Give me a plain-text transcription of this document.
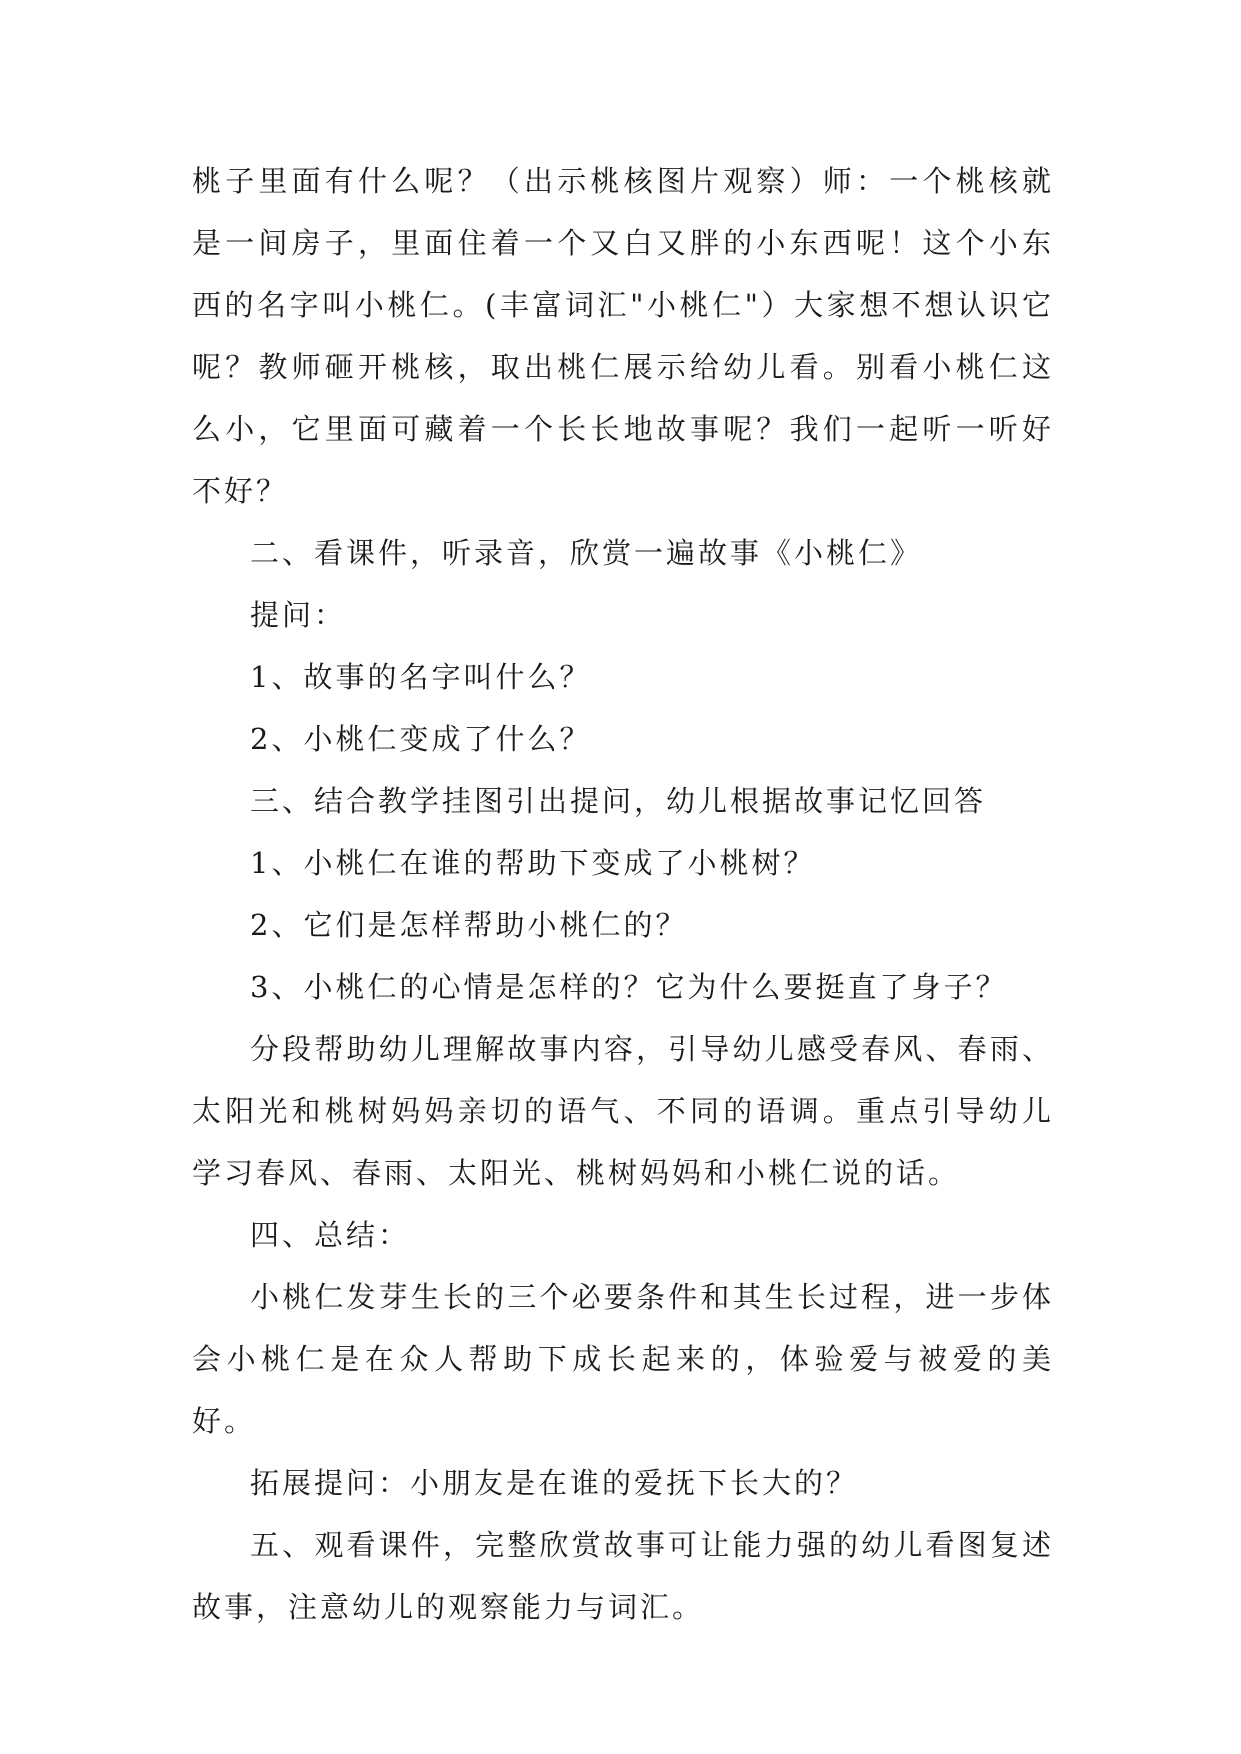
桃子里面有什么呢？（出示桃核图片观察）师：一个桃核就是一间房子，里面住着一个又白又胖的小东西呢！这个小东西的名字叫小桃仁。(丰富词汇"小桃仁"）大家想不想认识它呢？教师砸开桃核，取出桃仁展示给幼儿看。别看小桃仁这么小，它里面可藏着一个长长地故事呢？我们一起听一听好不好？

二、看课件，听录音，欣赏一遍故事《小桃仁》

提问：

1、故事的名字叫什么？

2、小桃仁变成了什么？

三、结合教学挂图引出提问，幼儿根据故事记忆回答

1、小桃仁在谁的帮助下变成了小桃树？

2、它们是怎样帮助小桃仁的？

3、小桃仁的心情是怎样的？它为什么要挺直了身子？

分段帮助幼儿理解故事内容，引导幼儿感受春风、春雨、太阳光和桃树妈妈亲切的语气、不同的语调。重点引导幼儿学习春风、春雨、太阳光、桃树妈妈和小桃仁说的话。

四、总结：

小桃仁发芽生长的三个必要条件和其生长过程，进一步体会小桃仁是在众人帮助下成长起来的，体验爱与被爱的美好。

拓展提问：小朋友是在谁的爱抚下长大的？

五、观看课件，完整欣赏故事可让能力强的幼儿看图复述故事，注意幼儿的观察能力与词汇。
